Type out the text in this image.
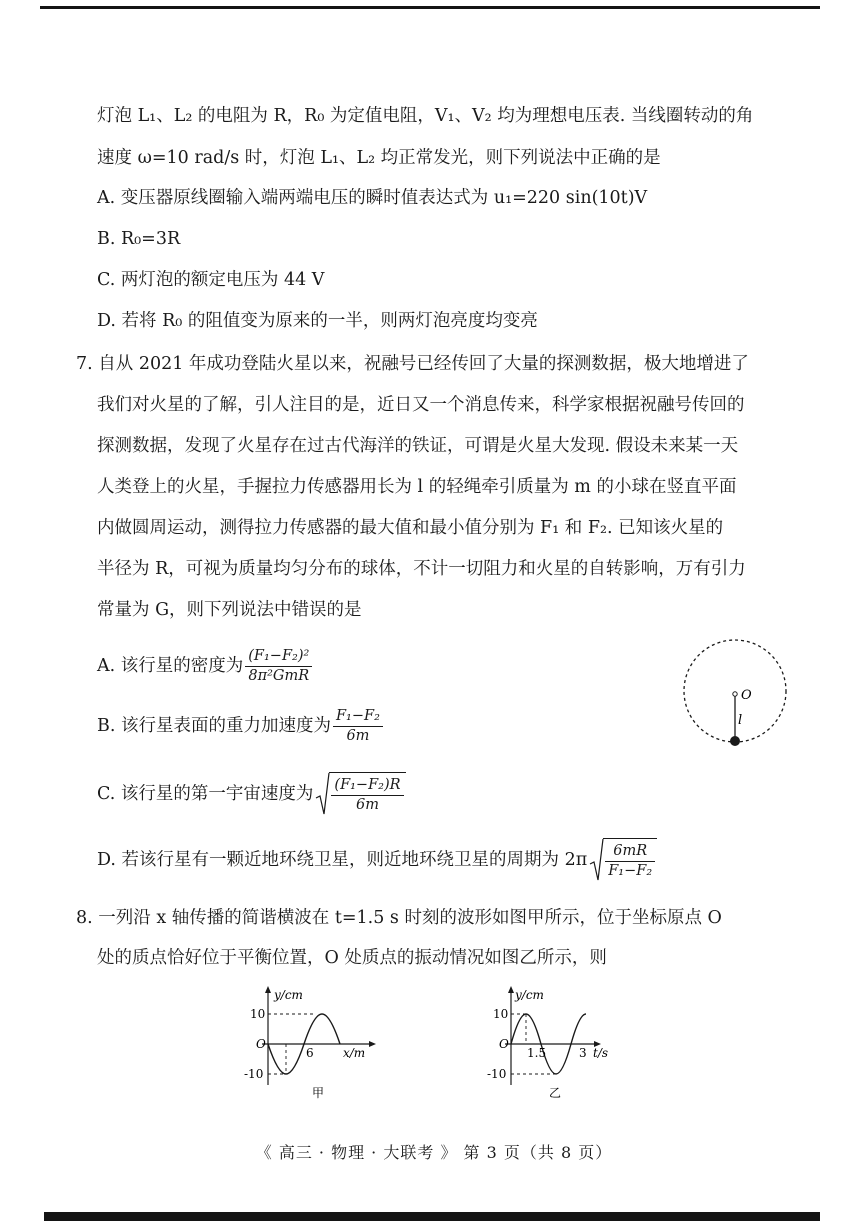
灯泡 L₁、L₂ 的电阻为 R，R₀ 为定值电阻，V₁、V₂ 均为理想电压表. 当线圈转动的角
速度 ω=10 rad/s 时，灯泡 L₁、L₂ 均正常发光，则下列说法中正确的是
A. 变压器原线圈输入端两端电压的瞬时值表达式为 u₁=220 sin(10t)V
B. R₀=3R
C. 两灯泡的额定电压为 44 V
D. 若将 R₀ 的阻值变为原来的一半，则两灯泡亮度均变亮
7. 自从 2021 年成功登陆火星以来，祝融号已经传回了大量的探测数据，极大地增进了
我们对火星的了解，引人注目的是，近日又一个消息传来，科学家根据祝融号传回的
探测数据，发现了火星存在过古代海洋的铁证，可谓是火星大发现. 假设未来某一天
人类登上的火星，手握拉力传感器用长为 l 的轻绳牵引质量为 m 的小球在竖直平面
内做圆周运动，测得拉力传感器的最大值和最小值分别为 F₁ 和 F₂. 已知该火星的
半径为 R，可视为质量均匀分布的球体，不计一切阻力和火星的自转影响，万有引力
常量为 G，则下列说法中错误的是
A. 该行星的密度为 $\frac{\text{(F₁−F₂)²}}{\text{8π²GmR}}$
B. 该行星表面的重力加速度为 $\frac{\text{F₁−F₂}}{6m}$
C. 该行星的第一宇宙速度为 $\frac{\text{(F₁−F₂)R}}{6m}$
D. 若该行星有一颗近地环绕卫星，则近地环绕卫星的周期为 $2\pi \frac{6mR}{\text{F₁−F₂}}$
O
l
8. 一列沿 x 轴传播的简谐横波在 t=1.5 s 时刻的波形如图甲所示，位于坐标原点 O
处的质点恰好位于平衡位置，O 处质点的振动情况如图乙所示，则
y/cm
10
-10
O
6 x/m
甲
y/cm
10
-10
O
1.5	3 t/s
乙
《 高三 · 物理 · 大联考 》 第 3 页（共 8 页）
